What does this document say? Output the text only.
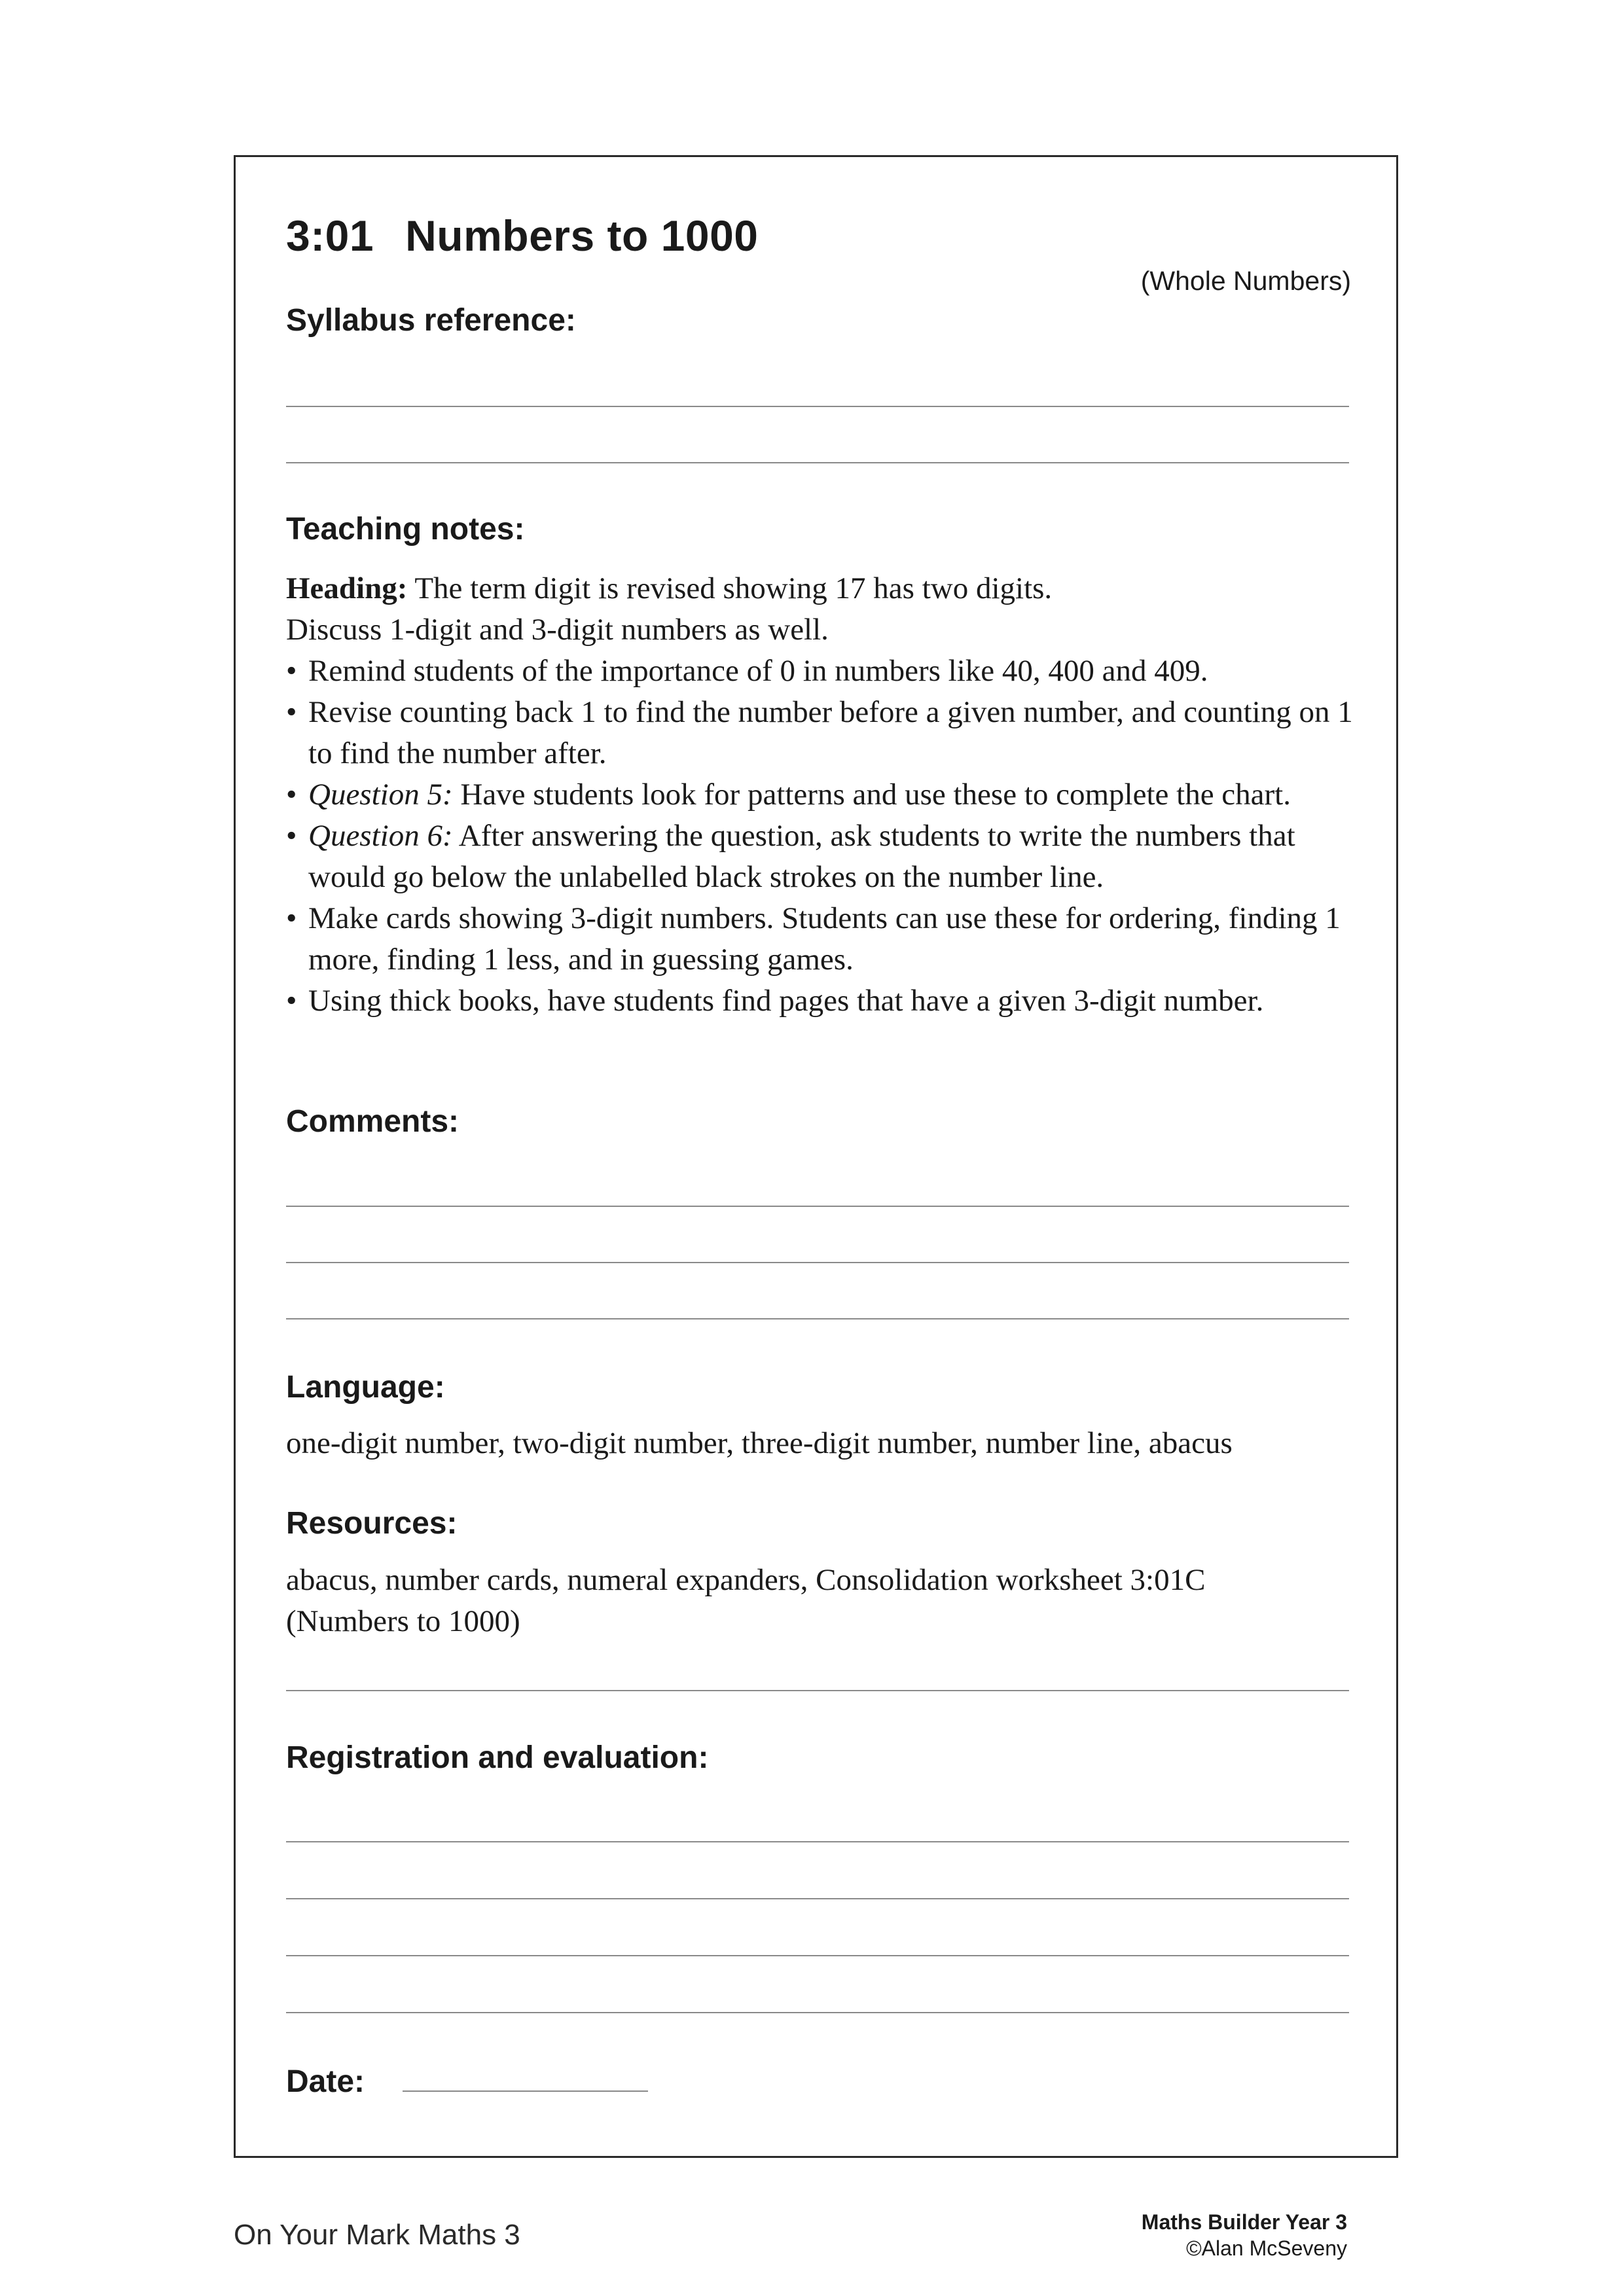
3:01 Numbers to 1000
(Whole Numbers)
Syllabus reference:
Teaching notes:

Heading: The term digit is revised showing 17 has two digits.

Discuss 1-digit and 3-digit numbers as well.

• Remind students of the importance of 0 in numbers like 40, 400 and 409.
• Revise counting back 1 to find the number before a given number, and counting on 1 to find the number after.
• Question 5: Have students look for patterns and use these to complete the chart.
• Question 6: After answering the question, ask students to write the numbers that would go below the unlabelled black strokes on the number line.
• Make cards showing 3-digit numbers. Students can use these for ordering, finding 1 more, finding 1 less, and in guessing games.
• Using thick books, have students find pages that have a given 3-digit number.
Comments:
Language:
one-digit number, two-digit number, three-digit number, number line, abacus
Resources:
abacus, number cards, numeral expanders, Consolidation worksheet 3:01C (Numbers to 1000)
Registration and evaluation:
Date:
On Your Mark Maths 3	Maths Builder Year 3
©Alan McSeveny
